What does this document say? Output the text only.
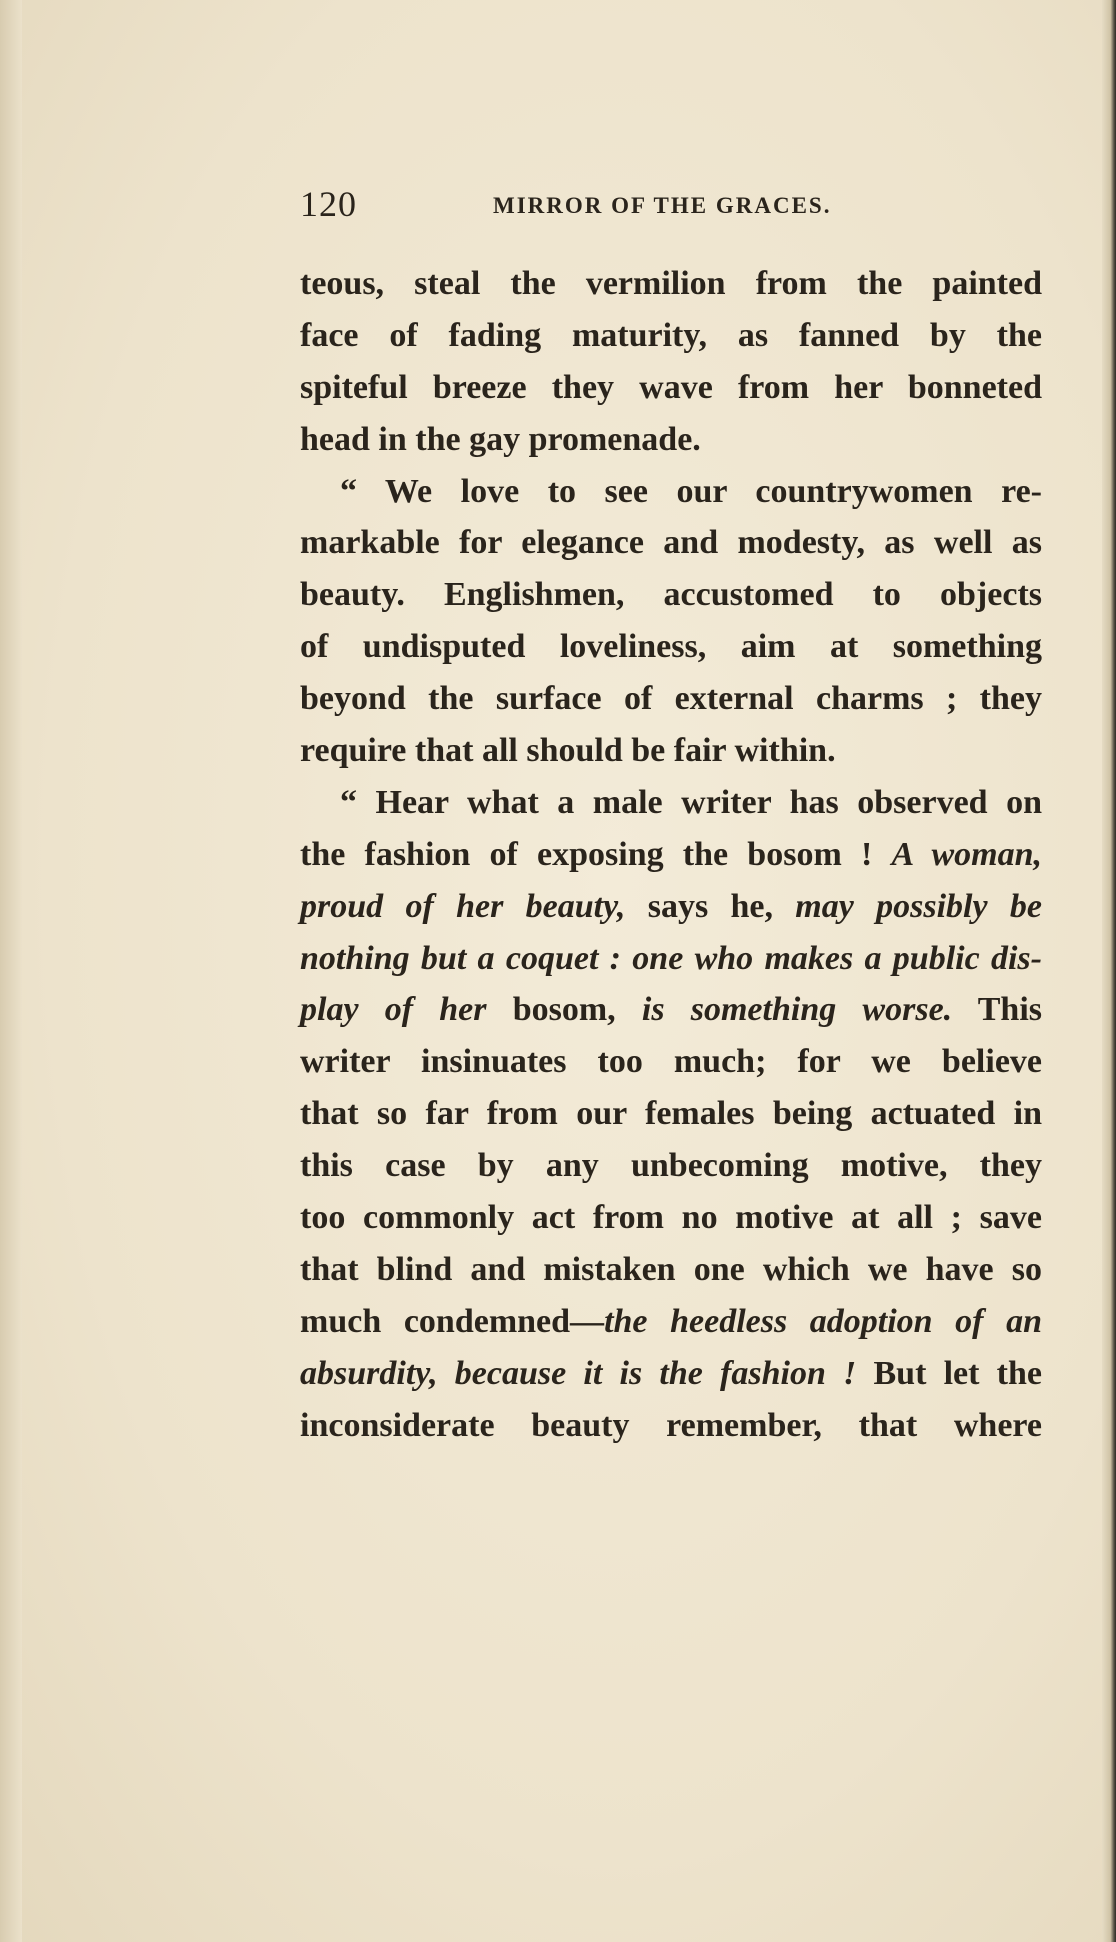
120	MIRROR OF THE GRACES.
teous, steal the vermilion from the painted
face of fading maturity, as fanned by the
spiteful breeze they wave from her bonneted
head in the gay promenade.
“ We love to see our countrywomen re-
markable for elegance and modesty, as well as
beauty. Englishmen, accustomed to objects
of undisputed loveliness, aim at something
beyond the surface of external charms ; they
require that all should be fair within.
“ Hear what a male writer has observed on
the fashion of exposing the bosom ! A woman,
proud of her beauty, says he, may possibly be
nothing but a coquet : one who makes a public dis-
play of her bosom, is something worse. This
writer insinuates too much; for we believe
that so far from our females being actuated in
this case by any unbecoming motive, they
too commonly act from no motive at all ; save
that blind and mistaken one which we have so
much condemned—the heedless adoption of an
absurdity, because it is the fashion ! But let the
inconsiderate beauty remember, that where
